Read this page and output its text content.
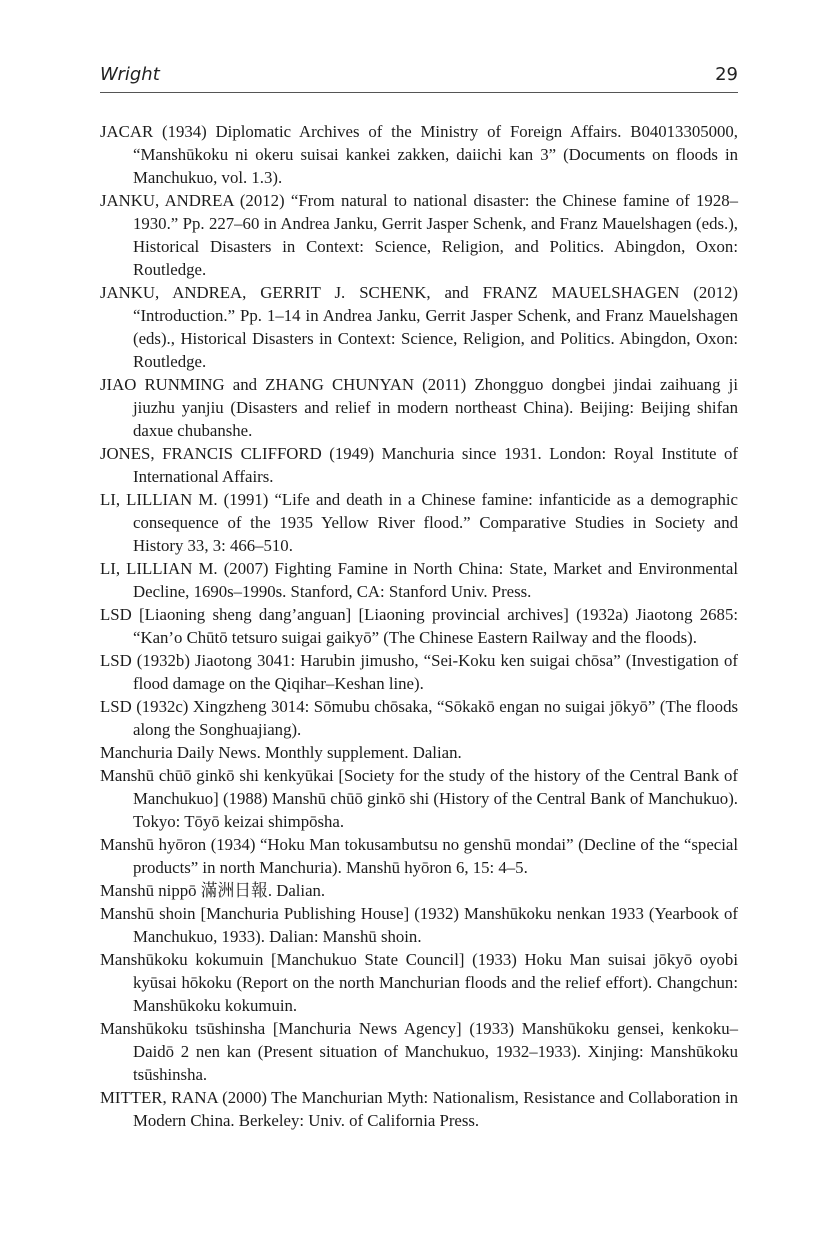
Wright	29

JACAR (1934) Diplomatic Archives of the Ministry of Foreign Affairs. B04013305000, “Manshūkoku ni okeru suisai kankei zakken, daiichi kan 3” (Documents on floods in Manchukuo, vol. 1.3).

JANKU, ANDREA (2012) “From natural to national disaster: the Chinese famine of 1928–1930.” Pp. 227–60 in Andrea Janku, Gerrit Jasper Schenk, and Franz Mauelshagen (eds.), Historical Disasters in Context: Science, Religion, and Politics. Abingdon, Oxon: Routledge.

JANKU, ANDREA, GERRIT J. SCHENK, and FRANZ MAUELSHAGEN (2012) “Introduction.” Pp. 1–14 in Andrea Janku, Gerrit Jasper Schenk, and Franz Mauelshagen (eds)., Historical Disasters in Context: Science, Religion, and Politics. Abingdon, Oxon: Routledge.

JIAO RUNMING and ZHANG CHUNYAN (2011) Zhongguo dongbei jindai zaihuang ji jiuzhu yanjiu (Disasters and relief in modern northeast China). Beijing: Beijing shifan daxue chubanshe.

JONES, FRANCIS CLIFFORD (1949) Manchuria since 1931. London: Royal Institute of International Affairs.

LI, LILLIAN M. (1991) “Life and death in a Chinese famine: infanticide as a demographic consequence of the 1935 Yellow River flood.” Comparative Studies in Society and History 33, 3: 466–510.

LI, LILLIAN M. (2007) Fighting Famine in North China: State, Market and Environmental Decline, 1690s–1990s. Stanford, CA: Stanford Univ. Press.

LSD [Liaoning sheng dang’anguan] [Liaoning provincial archives] (1932a) Jiaotong 2685: “Kan’o Chūtō tetsuro suigai gaikyō” (The Chinese Eastern Railway and the floods).

LSD (1932b) Jiaotong 3041: Harubin jimusho, “Sei-Koku ken suigai chōsa” (Investigation of flood damage on the Qiqihar–Keshan line).

LSD (1932c) Xingzheng 3014: Sōmubu chōsaka, “Sōkakō engan no suigai jōkyō” (The floods along the Songhuajiang).

Manchuria Daily News. Monthly supplement. Dalian.

Manshū chūō ginkō shi kenkyūkai [Society for the study of the history of the Central Bank of Manchukuo] (1988) Manshū chūō ginkō shi (History of the Central Bank of Manchukuo). Tokyo: Tōyō keizai shimpōsha.

Manshū hyōron (1934) “Hoku Man tokusambutsu no genshū mondai” (Decline of the “special products” in north Manchuria). Manshū hyōron 6, 15: 4–5.

Manshū nippō 滿洲日報. Dalian.

Manshū shoin [Manchuria Publishing House] (1932) Manshūkoku nenkan 1933 (Yearbook of Manchukuo, 1933). Dalian: Manshū shoin.

Manshūkoku kokumuin [Manchukuo State Council] (1933) Hoku Man suisai jōkyō oyobi kyūsai hōkoku (Report on the north Manchurian floods and the relief effort). Changchun: Manshūkoku kokumuin.

Manshūkoku tsūshinsha [Manchuria News Agency] (1933) Manshūkoku gensei, kenkoku–Daidō 2 nen kan (Present situation of Manchukuo, 1932–1933). Xinjing: Manshūkoku tsūshinsha.

MITTER, RANA (2000) The Manchurian Myth: Nationalism, Resistance and Collaboration in Modern China. Berkeley: Univ. of California Press.
